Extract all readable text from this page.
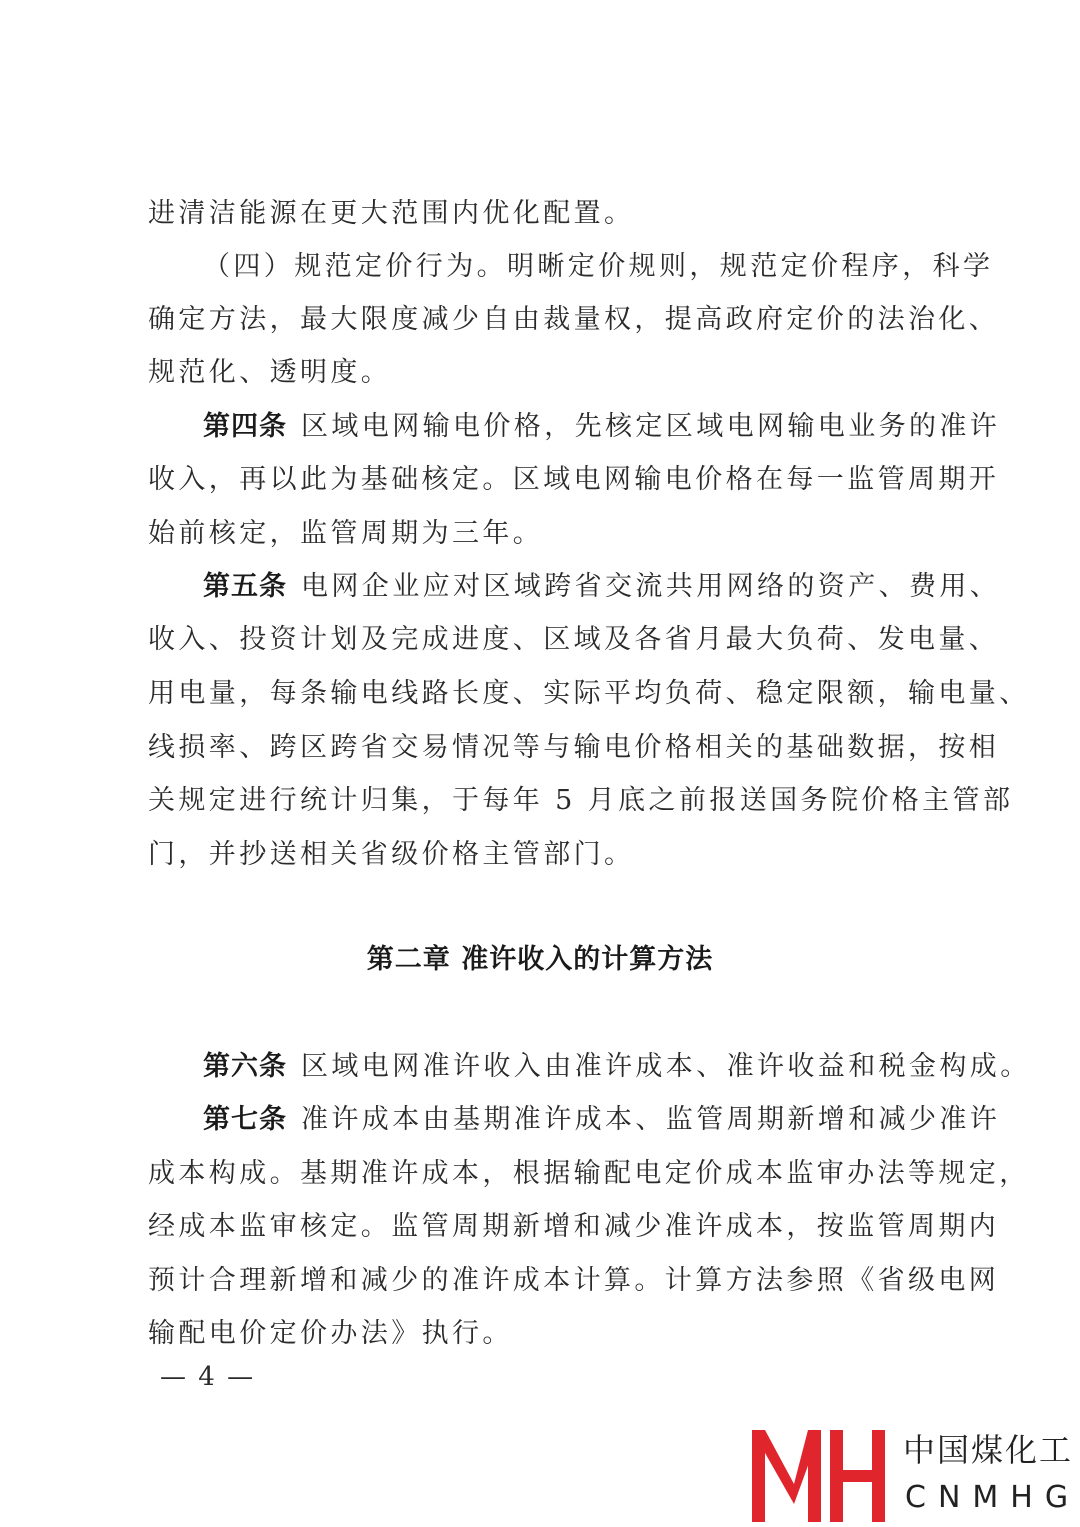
进清洁能源在更大范围内优化配置。
（四）规范定价行为。明晰定价规则，规范定价程序，科学
确定方法，最大限度减少自由裁量权，提高政府定价的法治化、
规范化、透明度。
第四条 区域电网输电价格，先核定区域电网输电业务的准许
收入，再以此为基础核定。区域电网输电价格在每一监管周期开
始前核定，监管周期为三年。
第五条 电网企业应对区域跨省交流共用网络的资产、费用、
收入、投资计划及完成进度、区域及各省月最大负荷、发电量、
用电量，每条输电线路长度、实际平均负荷、稳定限额，输电量、
线损率、跨区跨省交易情况等与输电价格相关的基础数据，按相
关规定进行统计归集，于每年 5 月底之前报送国务院价格主管部
门，并抄送相关省级价格主管部门。
第二章 准许收入的计算方法
第六条 区域电网准许收入由准许成本、准许收益和税金构成。
第七条 准许成本由基期准许成本、监管周期新增和减少准许
成本构成。基期准许成本，根据输配电定价成本监审办法等规定，
经成本监审核定。监管周期新增和减少准许成本，按监管周期内
预计合理新增和减少的准许成本计算。计算方法参照《省级电网
输配电价定价办法》执行。
— 4 —
中国煤化工
CNMHG
